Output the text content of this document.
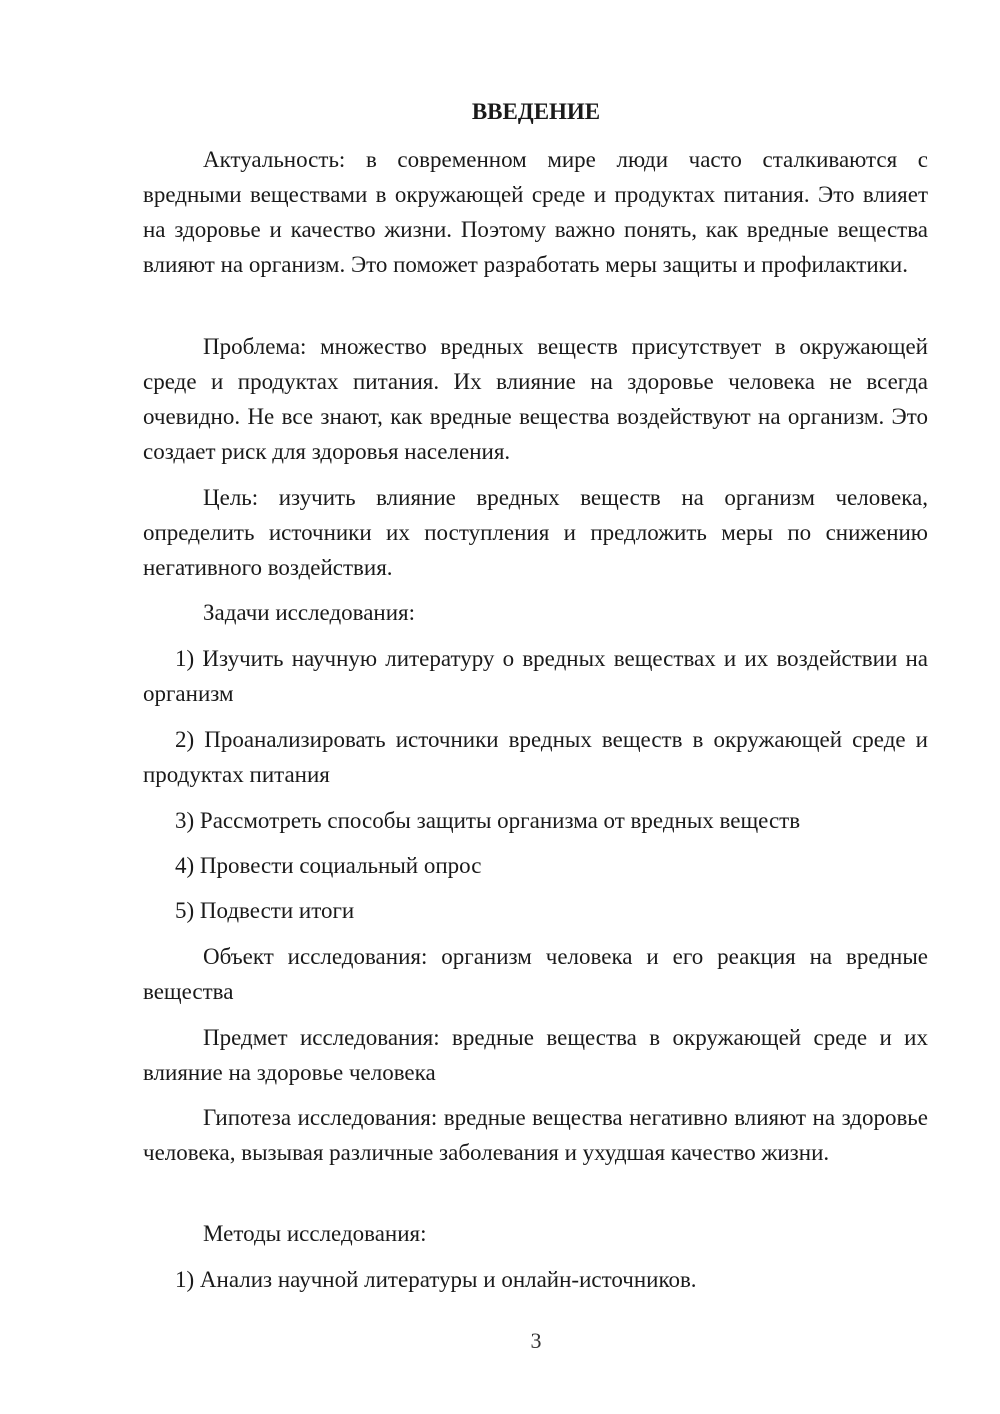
ВВЕДЕНИЕ

Актуальность: в современном мире люди часто сталкиваются с вредными веществами в окружающей среде и продуктах питания. Это влияет на здоровье и качество жизни. Поэтому важно понять, как вредные вещества влияют на организм. Это поможет разработать меры защиты и профилактики.

Проблема: множество вредных веществ присутствует в окружающей среде и продуктах питания. Их влияние на здоровье человека не всегда очевидно. Не все знают, как вредные вещества воздействуют на организм. Это создает риск для здоровья населения.

Цель: изучить влияние вредных веществ на организм человека, определить источники их поступления и предложить меры по снижению негативного воздействия.

Задачи исследования:

1) Изучить научную литературу о вредных веществах и их воздействии на организм

2) Проанализировать источники вредных веществ в окружающей среде и продуктах питания

3) Рассмотреть способы защиты организма от вредных веществ

4) Провести социальный опрос

5) Подвести итоги

Объект исследования: организм человека и его реакция на вредные вещества

Предмет исследования: вредные вещества в окружающей среде и их влияние на здоровье человека

Гипотеза исследования: вредные вещества негативно влияют на здоровье человека, вызывая различные заболевания и ухудшая качество жизни.

Методы исследования:

1) Анализ научной литературы и онлайн-источников.

3
